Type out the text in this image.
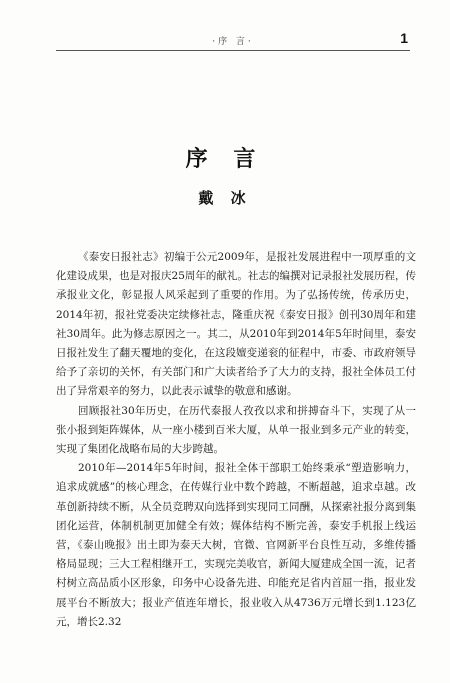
·序 言·	1
序 言
戴 冰

《泰安日报社志》初编于公元2009年，是报社发展进程中一项厚重的文化建设成果，也是对报庆25周年的献礼。社志的编撰对记录报社发展历程，传承报业文化，彰显报人风采起到了重要的作用。为了弘扬传统，传承历史，2014年初，报社党委决定续修社志，隆重庆祝《泰安日报》创刊30周年和建社30周年。此为修志原因之一。其二，从2010年到2014年5年时间里，泰安日报社发生了翻天覆地的变化，在这段嬗变递衮的征程中，市委、市政府领导给予了亲切的关怀，有关部门和广大读者给予了大力的支持，报社全体员工付出了异常艰辛的努力，以此表示诚挚的敬意和感谢。

回顾报社30年历史，在历代泰报人孜孜以求和拼搏奋斗下，实现了从一张小报到矩阵媒体，从一座小楼到百米大厦，从单一报业到多元产业的转变，实现了集团化战略布局的大步跨越。

2010年—2014年5年时间，报社全体干部职工始终秉承“塑造影响力，追求成就感”的核心理念，在传媒行业中数个跨越，不断超越，追求卓越。改革创新持续不断，从全员竞聘双向选择到实现同工同酬，从探索社报分离到集团化运营，体制机制更加健全有效；媒体结构不断完善，泰安手机报上线运营，《泰山晚报》出土即为泰天大树，官微、官网新平台良性互动，多维传播格局显现；三大工程相继开工，实现完美收官，新闻大厦建成全国一流，记者村树立高品质小区形象，印务中心设备先进、印能充足省内首屈一指，报业发展平台不断放大；报业产值连年增长，报业收入从4736万元增长到1.123亿元，增长2.32
